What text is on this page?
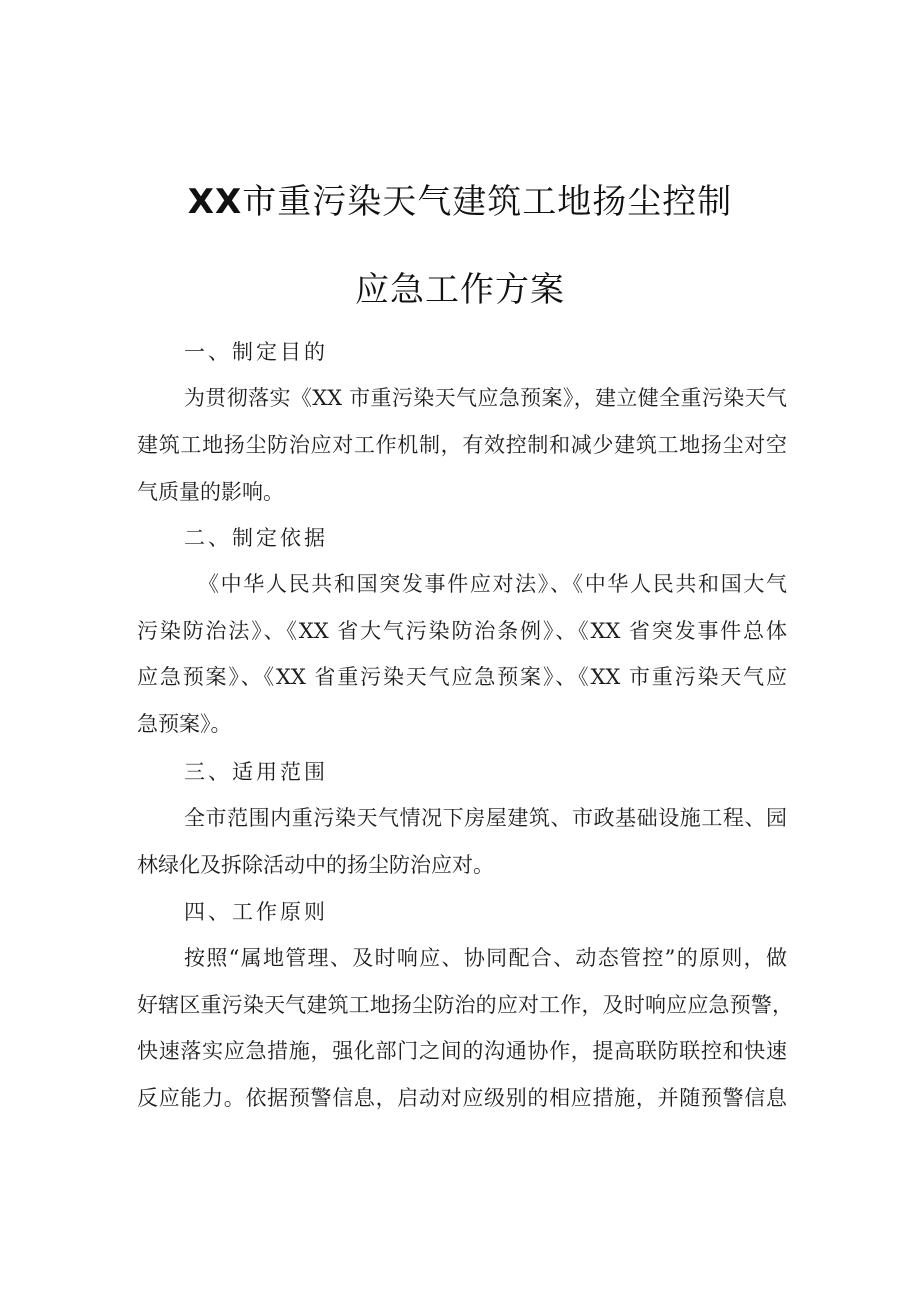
XX市重污染天气建筑工地扬尘控制
应急工作方案
一、制定目的
为贯彻落实《XX 市重污染天气应急预案》，建立健全重污染天气
建筑工地扬尘防治应对工作机制，有效控制和减少建筑工地扬尘对空
气质量的影响。
二、制定依据
《中华人民共和国突发事件应对法》、《中华人民共和国大气
污染防治法》、《XX 省大气污染防治条例》、《XX 省突发事件总体
应急预案》、《XX 省重污染天气应急预案》、《XX 市重污染天气应
急预案》。
三、适用范围
全市范围内重污染天气情况下房屋建筑、市政基础设施工程、园
林绿化及拆除活动中的扬尘防治应对。
四、工作原则
按照“属地管理、及时响应、协同配合、动态管控”的原则，做
好辖区重污染天气建筑工地扬尘防治的应对工作，及时响应应急预警，
快速落实应急措施，强化部门之间的沟通协作，提高联防联控和快速
反应能力。依据预警信息，启动对应级别的相应措施，并随预警信息
